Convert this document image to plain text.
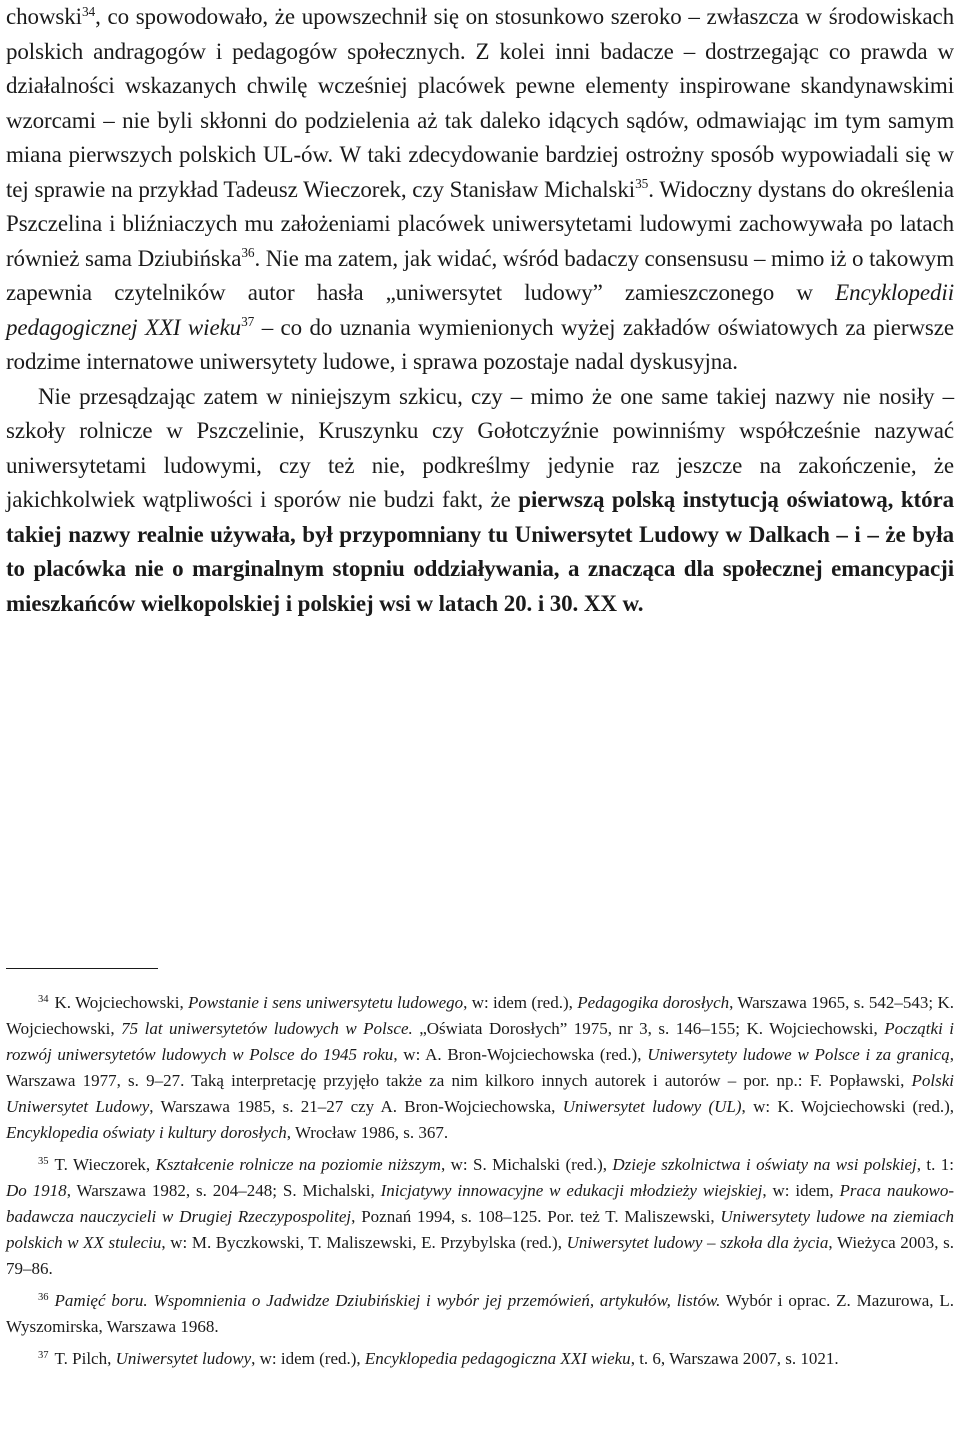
chowski$^{34}$, co spowodowało, że upowszechnił się on stosunkowo szeroko – zwłaszcza w środowiskach polskich andragogów i pedagogów społecznych. Z kolei inni badacze – dostrzegając co prawda w działalności wskazanych chwilę wcześniej placówek pewne elementy inspirowane skandynawskimi wzorcami – nie byli skłonni do podzielenia aż tak daleko idących sądów, odmawiając im tym samym miana pierwszych polskich UL-ów. W taki zdecydowanie bardziej ostrożny sposób wypowiadali się w tej sprawie na przykład Tadeusz Wieczorek, czy Stanisław Michalski$^{35}$. Widoczny dystans do określenia Pszczelina i bliźniaczych mu założeniami placówek uniwersytetami ludowymi zachowywała po latach również sama Dziubińska$^{36}$. Nie ma zatem, jak widać, wśród badaczy consensusu – mimo iż o takowym zapewnia czytelników autor hasła „uniwersytet ludowy” zamieszczonego w Encyklopedii pedagogicznej XXI wieku$^{37}$ – co do uznania wymienionych wyżej zakładów oświatowych za pierwsze rodzime internatowe uniwersytety ludowe, i sprawa pozostaje nadal dyskusyjna.

Nie przesądzając zatem w niniejszym szkicu, czy – mimo że one same takiej nazwy nie nosiły – szkoły rolnicze w Pszczelinie, Kruszynku czy Gołotczyźnie powinniśmy współcześnie nazywać uniwersytetami ludowymi, czy też nie, podkreślmy jedynie raz jeszcze na zakończenie, że jakichkolwiek wątpliwości i sporów nie budzi fakt, że pierwszą polską instytucją oświatową, która takiej nazwy realnie używała, był przypomniany tu Uniwersytet Ludowy w Dalkach – i – że była to placówka nie o marginalnym stopniu oddziaływania, a znacząca dla społecznej emancypacji mieszkańców wielkopolskiej i polskiej wsi w latach 20. i 30. XX w.

$^{34}$ K. Wojciechowski, Powstanie i sens uniwersytetu ludowego, w: idem (red.), Pedagogika dorosłych, Warszawa 1965, s. 542–543; K. Wojciechowski, 75 lat uniwersytetów ludowych w Polsce. „Oświata Dorosłych” 1975, nr 3, s. 146–155; K. Wojciechowski, Początki i rozwój uniwersytetów ludowych w Polsce do 1945 roku, w: A. Bron-Wojciechowska (red.), Uniwersytety ludowe w Polsce i za granicą, Warszawa 1977, s. 9–27. Taką interpretację przyjęło także za nim kilkoro innych autorek i autorów – por. np.: F. Popławski, Polski Uniwersytet Ludowy, Warszawa 1985, s. 21–27 czy A. Bron-Wojciechowska, Uniwersytet ludowy (UL), w: K. Wojciechowski (red.), Encyklopedia oświaty i kultury dorosłych, Wrocław 1986, s. 367.

$^{35}$ T. Wieczorek, Kształcenie rolnicze na poziomie niższym, w: S. Michalski (red.), Dzieje szkolnictwa i oświaty na wsi polskiej, t. 1: Do 1918, Warszawa 1982, s. 204–248; S. Michalski, Inicjatywy innowacyjne w edukacji młodzieży wiejskiej, w: idem, Praca naukowo-badawcza nauczycieli w Drugiej Rzeczypospolitej, Poznań 1994, s. 108–125. Por. też T. Maliszewski, Uniwersytety ludowe na ziemiach polskich w XX stuleciu, w: M. Byczkowski, T. Maliszewski, E. Przybylska (red.), Uniwersytet ludowy – szkoła dla życia, Wieżyca 2003, s. 79–86.

$^{36}$ Pamięć boru. Wspomnienia o Jadwidze Dziubińskiej i wybór jej przemówień, artykułów, listów. Wybór i oprac. Z. Mazurowa, L. Wyszomirska, Warszawa 1968.

$^{37}$ T. Pilch, Uniwersytet ludowy, w: idem (red.), Encyklopedia pedagogiczna XXI wieku, t. 6, Warszawa 2007, s. 1021.
